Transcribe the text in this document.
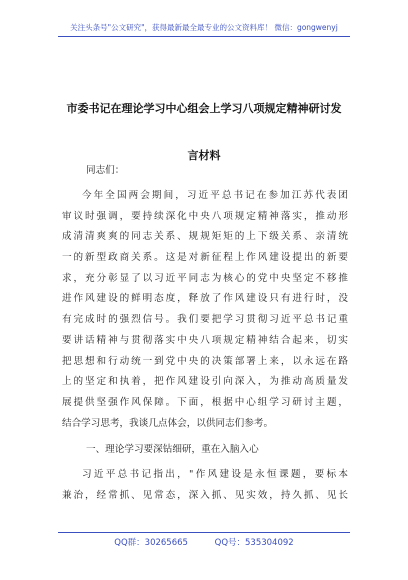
关注头条号"公文研究"，获得最新最全最专业的公文资料库！ 微信：gongwenyj
市委书记在理论学习中心组会上学习八项规定精神研讨发
言材料
同志们：
今年全国两会期间，习近平总书记在参加江苏代表团
审议时强调，要持续深化中央八项规定精神落实，推动形
成清清爽爽的同志关系、规规矩矩的上下级关系、亲清统
一的新型政商关系。这是对新征程上作风建设提出的新要
求，充分彰显了以习近平同志为核心的党中央坚定不移推
进作风建设的鲜明态度，释放了作风建设只有进行时，没
有完成时的强烈信号。我们要把学习贯彻习近平总书记重
要讲话精神与贯彻落实中央八项规定精神结合起来，切实
把思想和行动统一到党中央的决策部署上来，以永远在路
上的坚定和执着，把作风建设引向深入，为推动高质量发
展提供坚强作风保障。下面，根据中心组学习研讨主题，
结合学习思考，我谈几点体会，以供同志们参考。
一、理论学习要深钻细研，重在入脑入心
习近平总书记指出，"作风建设是永恒课题，要标本
兼治，经常抓、见常态，深入抓、见实效，持久抓、见长
QQ群：30265665	QQ号：535304092
